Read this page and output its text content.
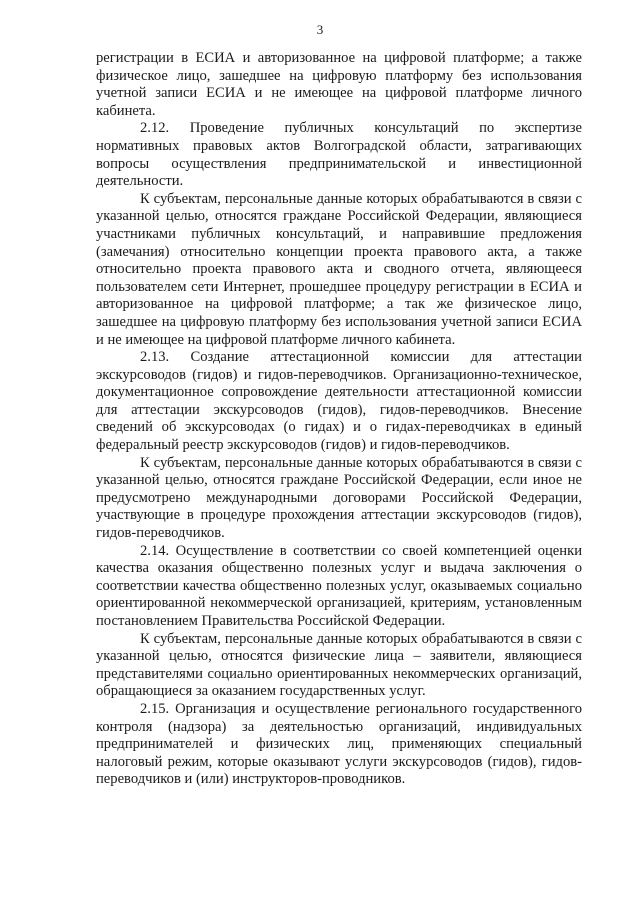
3

регистрации в ЕСИА и авторизованное на цифровой платформе; а также физическое лицо, зашедшее на цифровую платформу без использования учетной записи ЕСИА и не имеющее на цифровой платформе личного кабинета.

2.12. Проведение публичных консультаций по экспертизе нормативных правовых актов Волгоградской области, затрагивающих вопросы осуществления предпринимательской и инвестиционной деятельности.

К субъектам, персональные данные которых обрабатываются в связи с указанной целью, относятся граждане Российской Федерации, являющиеся участниками публичных консультаций, и направившие предложения (замечания) относительно концепции проекта правового акта, а также относительно проекта правового акта и сводного отчета, являющееся пользователем сети Интернет, прошедшее процедуру регистрации в ЕСИА и авторизованное на цифровой платформе; а так же физическое лицо, зашедшее на цифровую платформу без использования учетной записи ЕСИА и не имеющее на цифровой платформе личного кабинета.

2.13. Создание аттестационной комиссии для аттестации экскурсоводов (гидов) и гидов-переводчиков. Организационно-техническое, документационное сопровождение деятельности аттестационной комиссии для аттестации экскурсоводов (гидов), гидов-переводчиков. Внесение сведений об экскурсоводах (о гидах) и о гидах-переводчиках в единый федеральный реестр экскурсоводов (гидов) и гидов-переводчиков.

К субъектам, персональные данные которых обрабатываются в связи с указанной целью, относятся граждане Российской Федерации, если иное не предусмотрено международными договорами Российской Федерации, участвующие в процедуре прохождения аттестации экскурсоводов (гидов), гидов-переводчиков.

2.14. Осуществление в соответствии со своей компетенцией оценки качества оказания общественно полезных услуг и выдача заключения о соответствии качества общественно полезных услуг, оказываемых социально ориентированной некоммерческой организацией, критериям, установленным постановлением Правительства Российской Федерации.

К субъектам, персональные данные которых обрабатываются в связи с указанной целью, относятся физические лица – заявители, являющиеся представителями социально ориентированных некоммерческих организаций, обращающиеся за оказанием государственных услуг.

2.15. Организация и осуществление регионального государственного контроля (надзора) за деятельностью организаций, индивидуальных предпринимателей и физических лиц, применяющих специальный налоговый режим, которые оказывают услуги экскурсоводов (гидов), гидов-переводчиков и (или) инструкторов-проводников.
